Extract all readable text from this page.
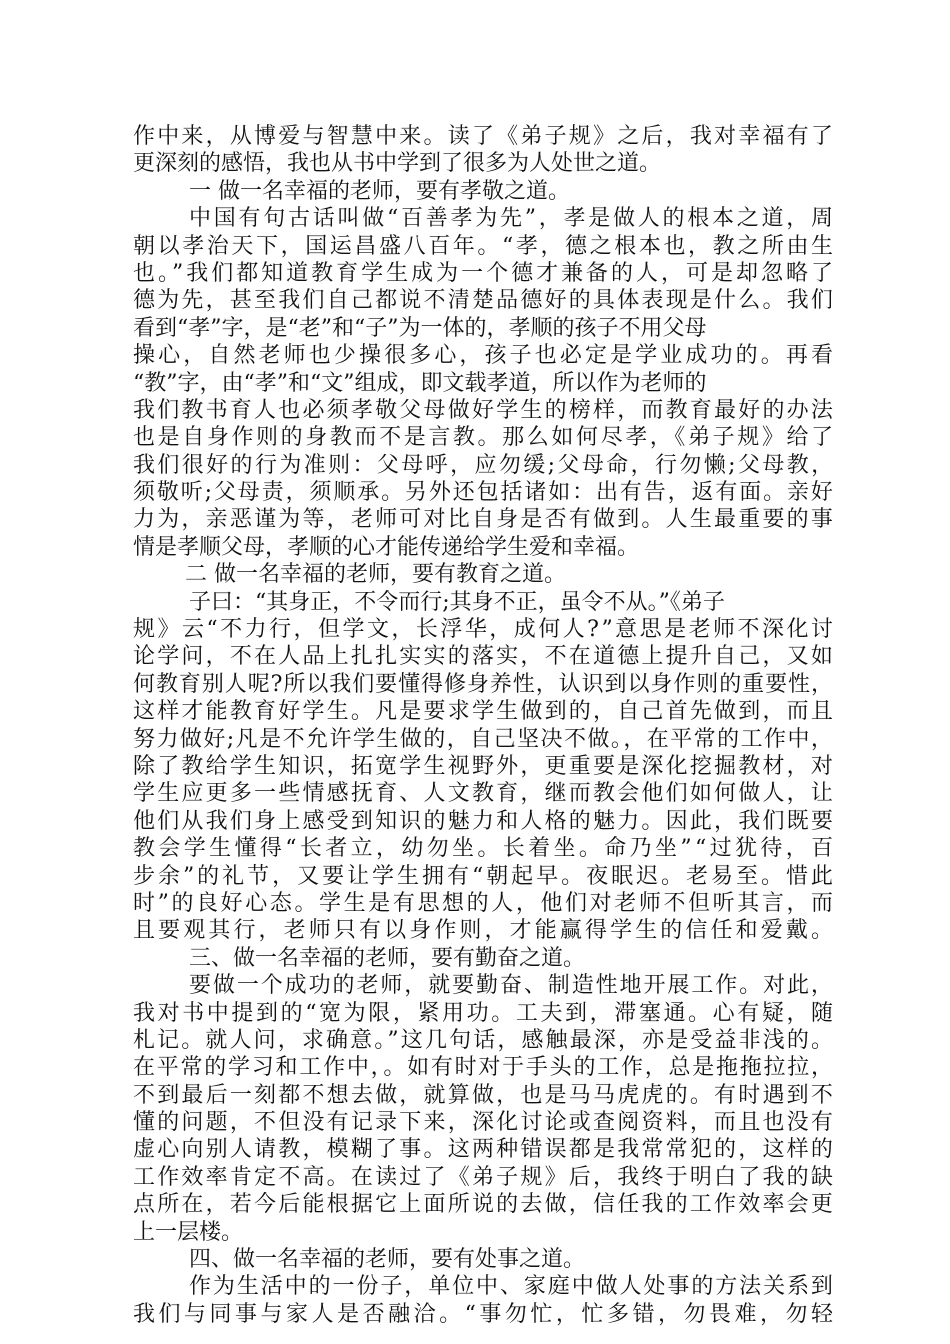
作中来，从博爱与智慧中来。读了《弟子规》之后，我对幸福有了
更深刻的感悟，我也从书中学到了很多为人处世之道。
一 做一名幸福的老师，要有孝敬之道。
中国有句古话叫做“百善孝为先”，孝是做人的根本之道，周
朝以孝治天下，国运昌盛八百年。“孝，德之根本也，教之所由生
也。”我们都知道教育学生成为一个德才兼备的人，可是却忽略了
德为先，甚至我们自己都说不清楚品德好的具体表现是什么。我们
看到“孝”字，是“老”和“子”为一体的，孝顺的孩子不用父母
操心，自然老师也少操很多心，孩子也必定是学业成功的。再看
“教”字，由“孝”和“文”组成，即文载孝道，所以作为老师的
我们教书育人也必须孝敬父母做好学生的榜样，而教育最好的办法
也是自身作则的身教而不是言教。那么如何尽孝，《弟子规》给了
我们很好的行为准则：父母呼，应勿缓;父母命，行勿懒;父母教，
须敬听;父母责，须顺承。另外还包括诸如：出有告，返有面。亲好
力为，亲恶谨为等，老师可对比自身是否有做到。人生最重要的事
情是孝顺父母，孝顺的心才能传递给学生爱和幸福。
二 做一名幸福的老师，要有教育之道。
子曰：“其身正，不令而行;其身不正，虽令不从。”《弟子
规》云“不力行，但学文，长浮华，成何人?”意思是老师不深化讨
论学问，不在人品上扎扎实实的落实，不在道德上提升自己，又如
何教育别人呢?所以我们要懂得修身养性，认识到以身作则的重要性，
这样才能教育好学生。凡是要求学生做到的，自己首先做到，而且
努力做好;凡是不允许学生做的，自己坚决不做。，在平常的工作中，
除了教给学生知识，拓宽学生视野外，更重要是深化挖掘教材，对
学生应更多一些情感抚育、人文教育，继而教会他们如何做人，让
他们从我们身上感受到知识的魅力和人格的魅力。因此，我们既要
教会学生懂得“长者立，幼勿坐。长着坐。命乃坐”“过犹待，百
步余”的礼节，又要让学生拥有“朝起早。夜眠迟。老易至。惜此
时”的良好心态。学生是有思想的人，他们对老师不但听其言，而
且要观其行，老师只有以身作则，才能赢得学生的信任和爱戴。
三、做一名幸福的老师，要有勤奋之道。
要做一个成功的老师，就要勤奋、制造性地开展工作。对此，
我对书中提到的“宽为限，紧用功。工夫到，滞塞通。心有疑，随
札记。就人问，求确意。”这几句话，感触最深，亦是受益非浅的。
在平常的学习和工作中，。如有时对于手头的工作，总是拖拖拉拉，
不到最后一刻都不想去做，就算做，也是马马虎虎的。有时遇到不
懂的问题，不但没有记录下来，深化讨论或查阅资料，而且也没有
虚心向别人请教，模糊了事。这两种错误都是我常常犯的，这样的
工作效率肯定不高。在读过了《弟子规》后，我终于明白了我的缺
点所在，若今后能根据它上面所说的去做，信任我的工作效率会更
上一层楼。
四、做一名幸福的老师，要有处事之道。
作为生活中的一份子，单位中、家庭中做人处事的方法关系到
我们与同事与家人是否融洽。“事勿忙，忙多错，勿畏难，勿轻
